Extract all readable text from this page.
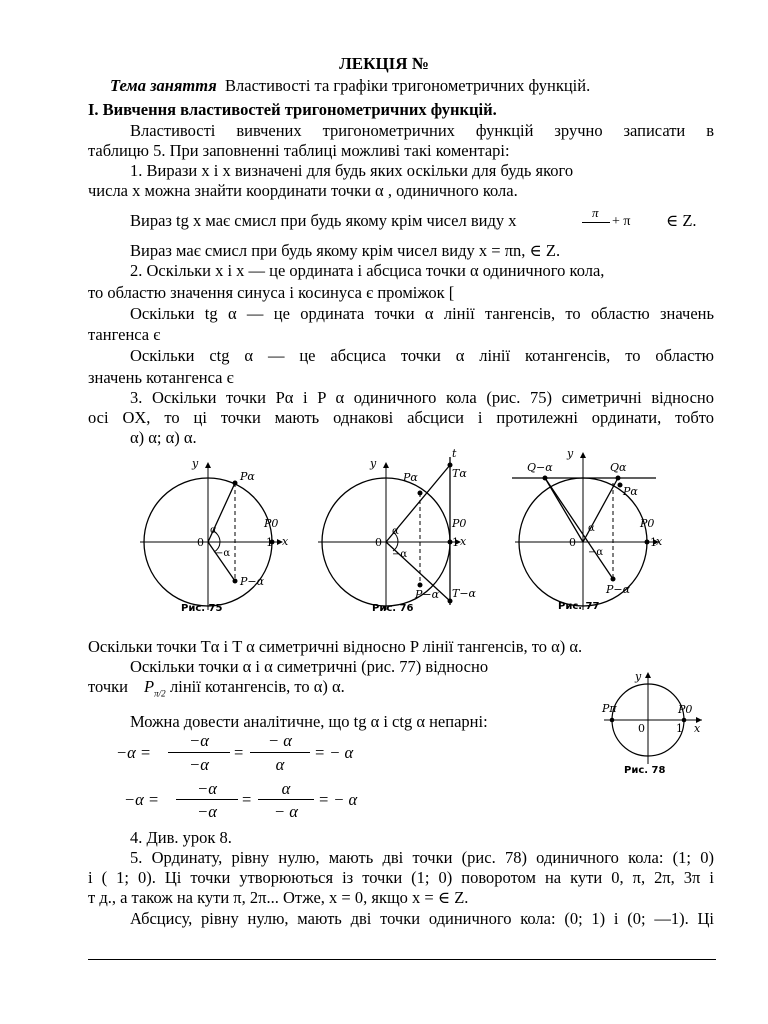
ЛЕКЦІЯ №
Тема заняття Властивості та графіки тригонометричних функцій.
І. Вивчення властивостей тригонометричних функцій.
Властивості вивчених тригонометричних функцій зручно записати в
таблицю 5. При заповненні таблиці можливі такі коментарі:
1. Вирази x і x визначені для будь яких оскільки для будь якого
числа x можна знайти координати точки α , одиничного кола.
Вираз tg x має смисл при будь якому крім чисел виду x	π
+ π ∈ Z.
Вираз має смисл при будь якому крім чисел виду x = πn, ∈ Z.
2. Оскільки x і x — це ордината і абсциса точки α одиничного кола,
то областю значення синуса і косинуса є проміжок [
Оскільки tg α — це ордината точки α лінії тангенсів, то областю значень
тангенса є
Оскільки ctg α — це абсциса точки α лінії котангенсів, то областю
значень котангенса є
3. Оскільки точки Pα і P α одиничного кола (рис. 75) симетричні відносно
осі OX, то ці точки мають однакові абсциси і протилежні ординати, тобто
α) α; α) α.
y
x
0	1
Pα
P−α
P0
α
−α
y
x
t
0	1
Pα
P−α
Tα
T−α
P0
α
−α
y
x
0	1
Q−α	Qα
Pα
P−α
P0
α
−α
Рис. 75	Рис. 76	Рис. 77
Оскільки точки Tα і T α симетричні відносно P лінії тангенсів, то α) α.
Оскільки точки α і α симетричні (рис. 77) відносно
точки $P_{\pi/2}$ лінії котангенсів, то α) α.
y
x
0	1
Pπ	P0
Рис. 78
Можна довести аналітичне, що tg α і ctg α непарні:
−α =
−α
−α
=
− α
α
= − α
−α =
−α
−α
=
α
− α
= − α
4. Див. урок 8.
5. Ординату, рівну нулю, мають дві точки (рис. 78) одиничного кола: (1; 0)
і ( 1; 0). Ці точки утворюються із точки (1; 0) поворотом на кути 0, π, 2π, 3π і
т д., а також на кути π, 2π... Отже, x = 0, якщо x = ∈ Z.
Абсцису, рівну нулю, мають дві точки одиничного кола: (0; 1) і (0; —1). Ці
